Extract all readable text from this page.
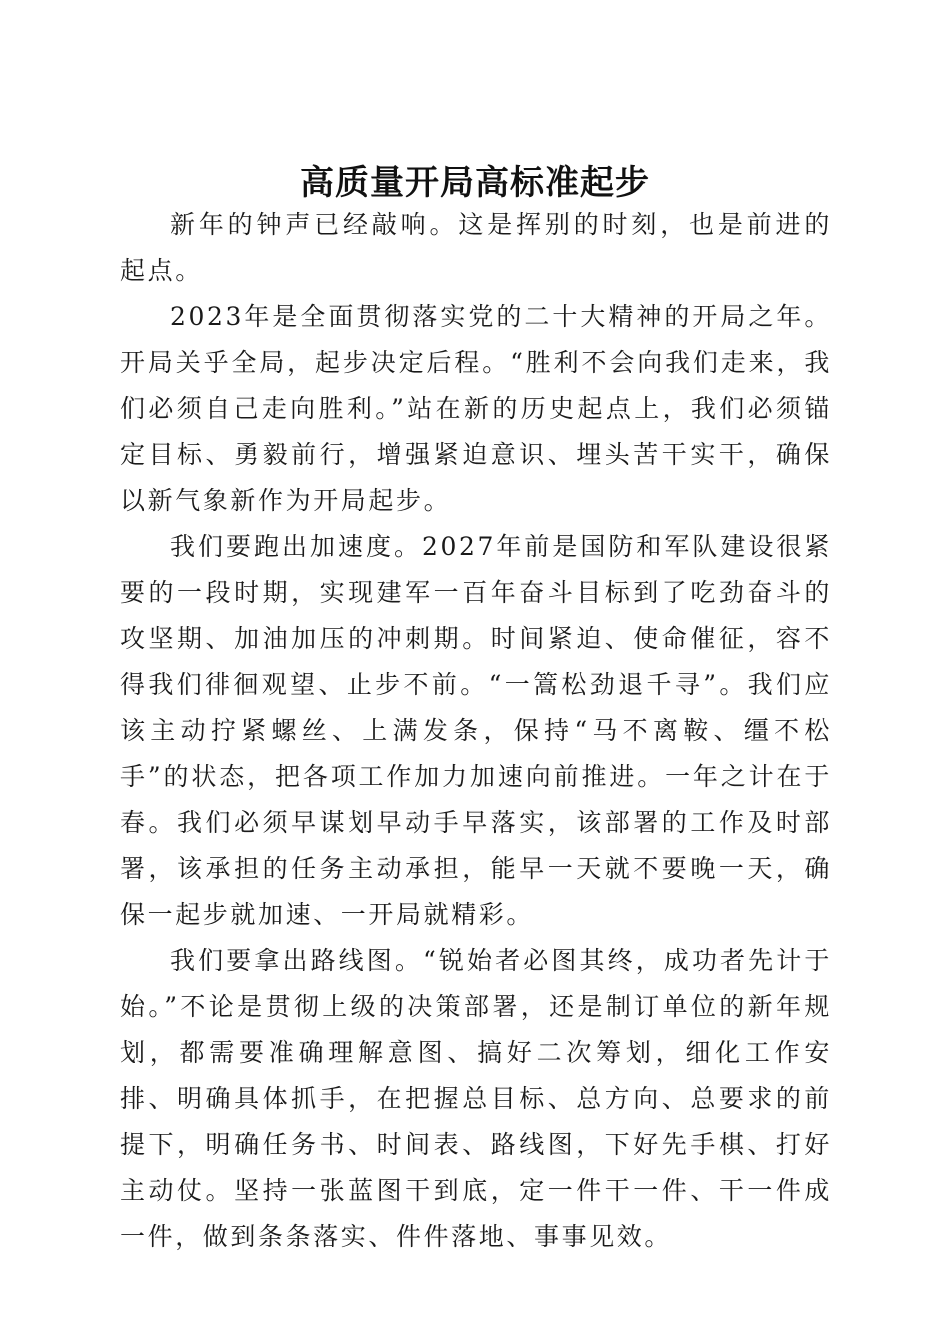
高质量开局高标准起步

新年的钟声已经敲响。这是挥别的时刻，也是前进的起点。

2023年是全面贯彻落实党的二十大精神的开局之年。开局关乎全局，起步决定后程。“胜利不会向我们走来，我们必须自己走向胜利。”站在新的历史起点上，我们必须锚定目标、勇毅前行，增强紧迫意识、埋头苦干实干，确保以新气象新作为开局起步。

我们要跑出加速度。2027年前是国防和军队建设很紧要的一段时期，实现建军一百年奋斗目标到了吃劲奋斗的攻坚期、加油加压的冲刺期。时间紧迫、使命催征，容不得我们徘徊观望、止步不前。“一篙松劲退千寻”。我们应该主动拧紧螺丝、上满发条，保持“马不离鞍、缰不松手”的状态，把各项工作加力加速向前推进。一年之计在于春。我们必须早谋划早动手早落实，该部署的工作及时部署，该承担的任务主动承担，能早一天就不要晚一天，确保一起步就加速、一开局就精彩。

我们要拿出路线图。“锐始者必图其终，成功者先计于始。”不论是贯彻上级的决策部署，还是制订单位的新年规划，都需要准确理解意图、搞好二次筹划，细化工作安排、明确具体抓手，在把握总目标、总方向、总要求的前提下，明确任务书、时间表、路线图，下好先手棋、打好主动仗。坚持一张蓝图干到底，定一件干一件、干一件成一件，做到条条落实、件件落地、事事见效。
